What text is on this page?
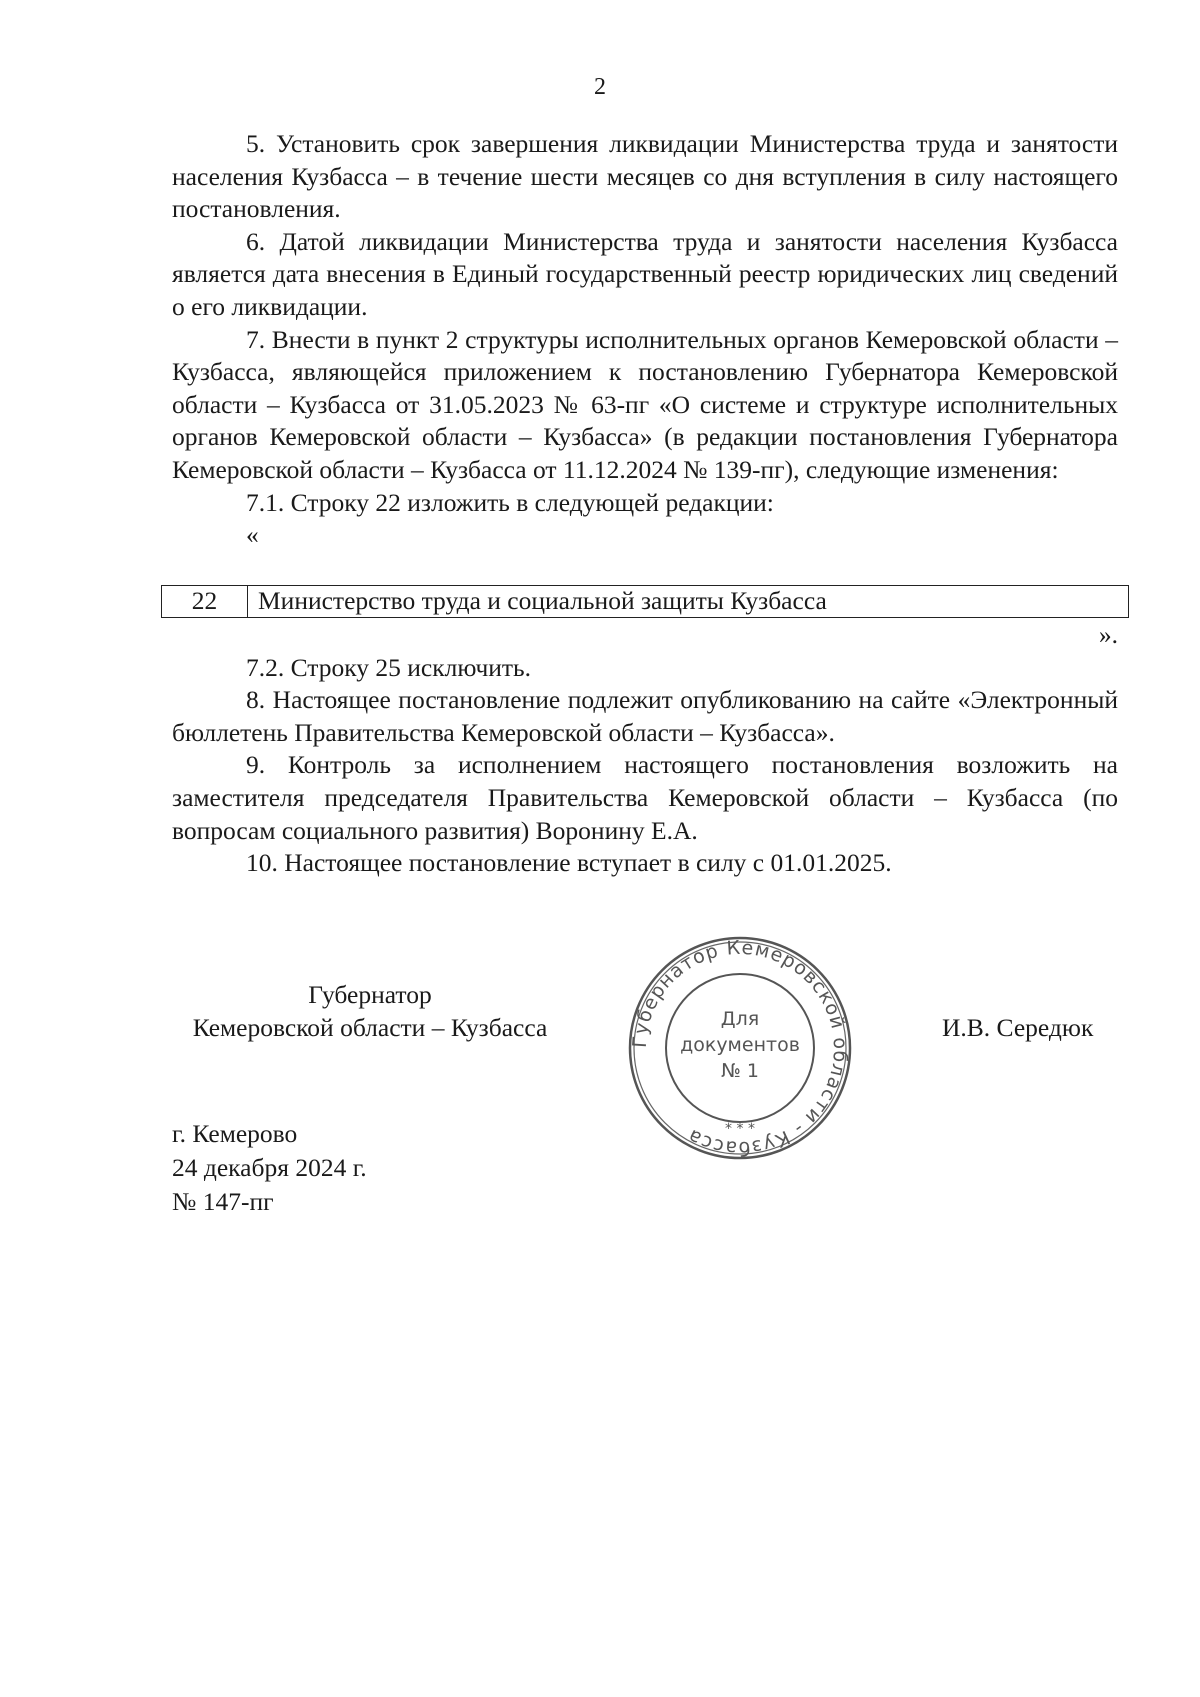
2

5. Установить срок завершения ликвидации Министерства труда и занятости населения Кузбасса – в течение шести месяцев со дня вступления в силу настоящего постановления.

6. Датой ликвидации Министерства труда и занятости населения Кузбасса является дата внесения в Единый государственный реестр юридических лиц сведений о его ликвидации.

7. Внести в пункт 2 структуры исполнительных органов Кемеровской области – Кузбасса, являющейся приложением к постановлению Губернатора Кемеровской области – Кузбасса от 31.05.2023 № 63-пг «О системе и структуре исполнительных органов Кемеровской области – Кузбасса» (в редакции постановления Губернатора Кемеровской области – Кузбасса от 11.12.2024 № 139-пг), следующие изменения:

7.1. Строку 22 изложить в следующей редакции:

«

22	Министерство труда и социальной защиты Кузбасса

».

7.2. Строку 25 исключить.

8. Настоящее постановление подлежит опубликованию на сайте «Электронный бюллетень Правительства Кемеровской области – Кузбасса».

9. Контроль за исполнением настоящего постановления возложить на заместителя председателя Правительства Кемеровской области – Кузбасса (по вопросам социального развития) Воронину Е.А.

10. Настоящее постановление вступает в силу с 01.01.2025.

Губернатор
Кемеровской области – Кузбасса	Губернатор Кемеровской области - Кузбасса
Для
документов
№ 1
* * *
И.В. Середюк
г. Кемерово
24 декабря 2024 г.
№ 147-пг
